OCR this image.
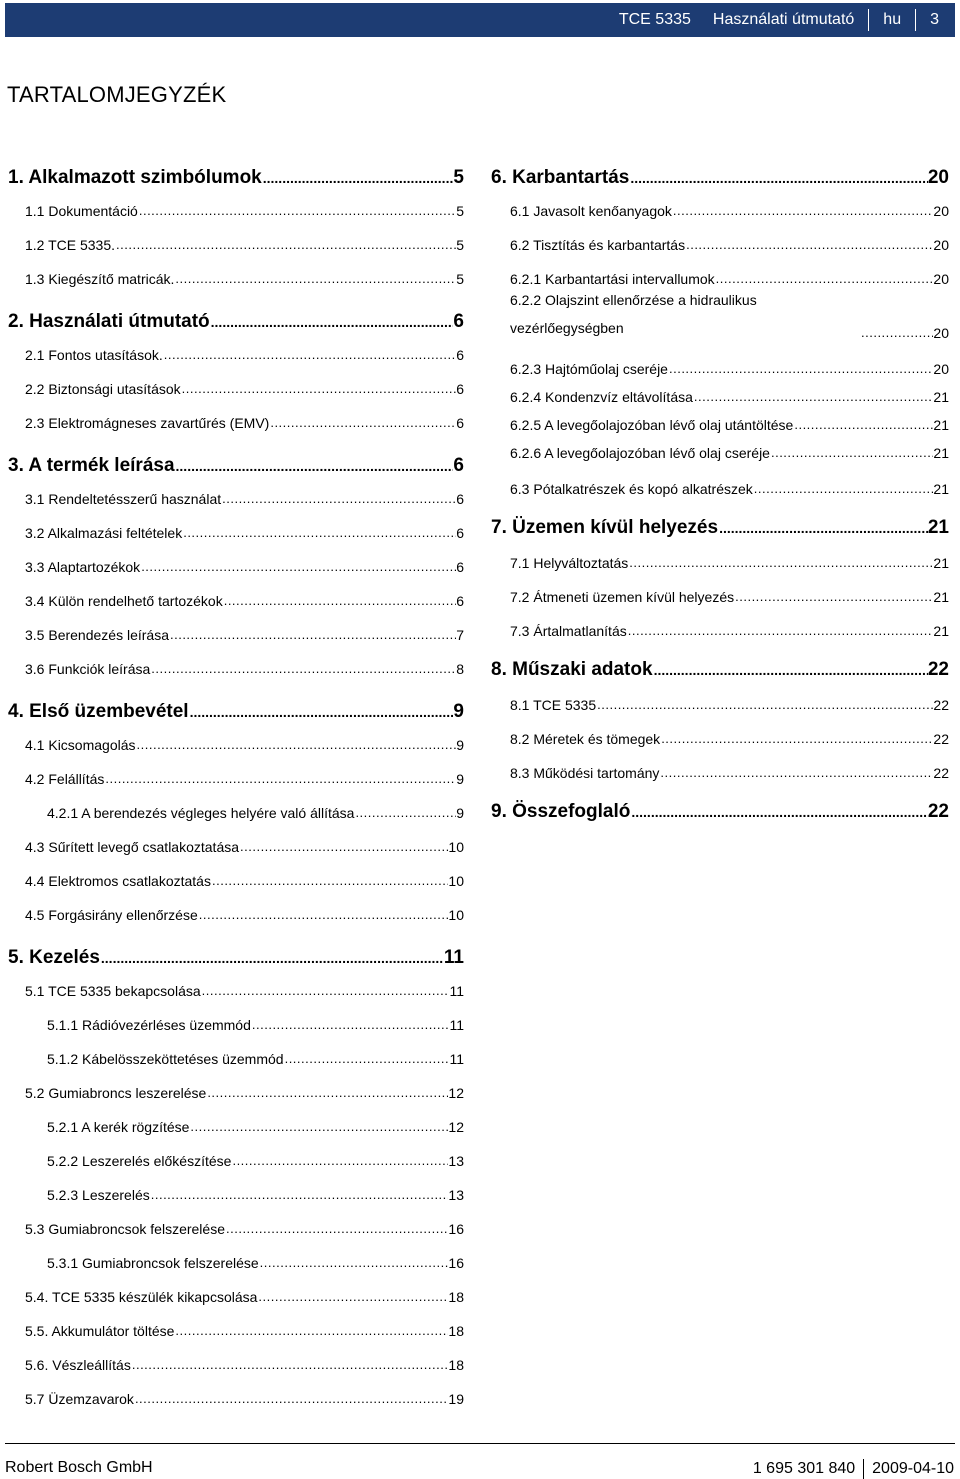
TCE 5335 Használati útmutató hu 3
TARTALOMJEGYZÉK
1. Alkalmazott szimbólumok .....	5
1.1 Dokumentáció .....	5
1.2 TCE 5335. .....	5
1.3 Kiegészítő matricák. .....	5
2. Használati útmutató .....	6
2.1 Fontos utasítások. .....	6
2.2 Biztonsági utasítások .....	6
2.3 Elektromágneses zavartűrés (EMV) .....	6
3. A termék leírása .....	6
3.1 Rendeltetésszerű használat .....	6
3.2 Alkalmazási feltételek .....	6
3.3 Alaptartozékok .....	6
3.4 Külön rendelhető tartozékok .....	6
3.5 Berendezés leírása .....	7
3.6 Funkciók leírása .....	8
4. Első üzembevétel .....	9
4.1 Kicsomagolás .....	9
4.2 Felállítás .....	9
4.2.1 A berendezés végleges helyére való állítása .....	9
4.3 Sűrített levegő csatlakoztatása .....	10
4.4 Elektromos csatlakoztatás .....	10
4.5 Forgásirány ellenőrzése .....	10
5. Kezelés .....	11
5.1 TCE 5335 bekapcsolása .....	11
5.1.1 Rádióvezérléses üzemmód .....	11
5.1.2 Kábelösszeköttetéses üzemmód .....	11
5.2 Gumiabroncs leszerelése .....	12
5.2.1 A kerék rögzítése .....	12
5.2.2 Leszerelés előkészítése .....	13
5.2.3 Leszerelés .....	13
5.3 Gumiabroncsok felszerelése .....	16
5.3.1 Gumiabroncsok felszerelése .....	16
5.4. TCE 5335 készülék kikapcsolása .....	18
5.5. Akkumulátor töltése .....	18
5.6. Vészleállítás .....	18
5.7 Üzemzavarok .....	19
6. Karbantartás .....	20
6.1 Javasolt kenőanyagok .....	20
6.2 Tisztítás és karbantartás .....	20
6.2.1 Karbantartási intervallumok .....	20
6.2.2 Olajszint ellenőrzése a hidraulikus vezérlőegységben .....	20
6.2.3 Hajtóműolaj cseréje .....	20
6.2.4 Kondenzvíz eltávolítása .....	21
6.2.5 A levegőolajozóban lévő olaj utántöltése .....	21
6.2.6 A levegőolajozóban lévő olaj cseréje .....	21
6.3 Pótalkatrészek és kopó alkatrészek .....	21
7. Üzemen kívül helyezés .....	21
7.1 Helyváltoztatás .....	21
7.2 Átmeneti üzemen kívül helyezés .....	21
7.3 Ártalmatlanítás .....	21
8. Műszaki adatok .....	22
8.1 TCE 5335 .....	22
8.2 Méretek és tömegek .....	22
8.3 Működési tartomány .....	22
9. Összefoglaló .....	22
Robert Bosch GmbH	1 695 301 840 2009-04-10
